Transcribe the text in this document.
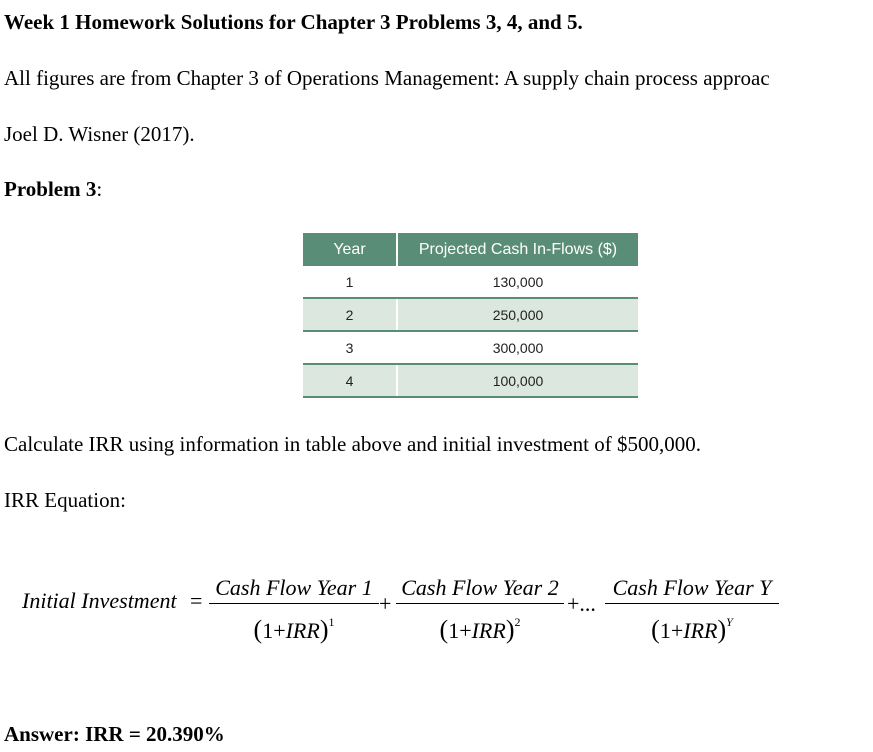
Week 1 Homework Solutions for Chapter 3 Problems 3, 4, and 5.
All figures are from Chapter 3 of Operations Management: A supply chain process approac
Joel D. Wisner (2017).
Problem 3:
Year	Projected Cash In-Flows ($)
1	130,000
2	250,000
3	300,000
4	100,000
Calculate IRR using information in table above and initial investment of $500,000.
IRR Equation:
Initial Investment =
Cash Flow Year 1
$(1+IRR)^1$
+
Cash Flow Year 2
$(1+IRR)^2$
+...
Cash Flow Year Y
$(1+IRR)^Y$
Answer: IRR = 20.390%
